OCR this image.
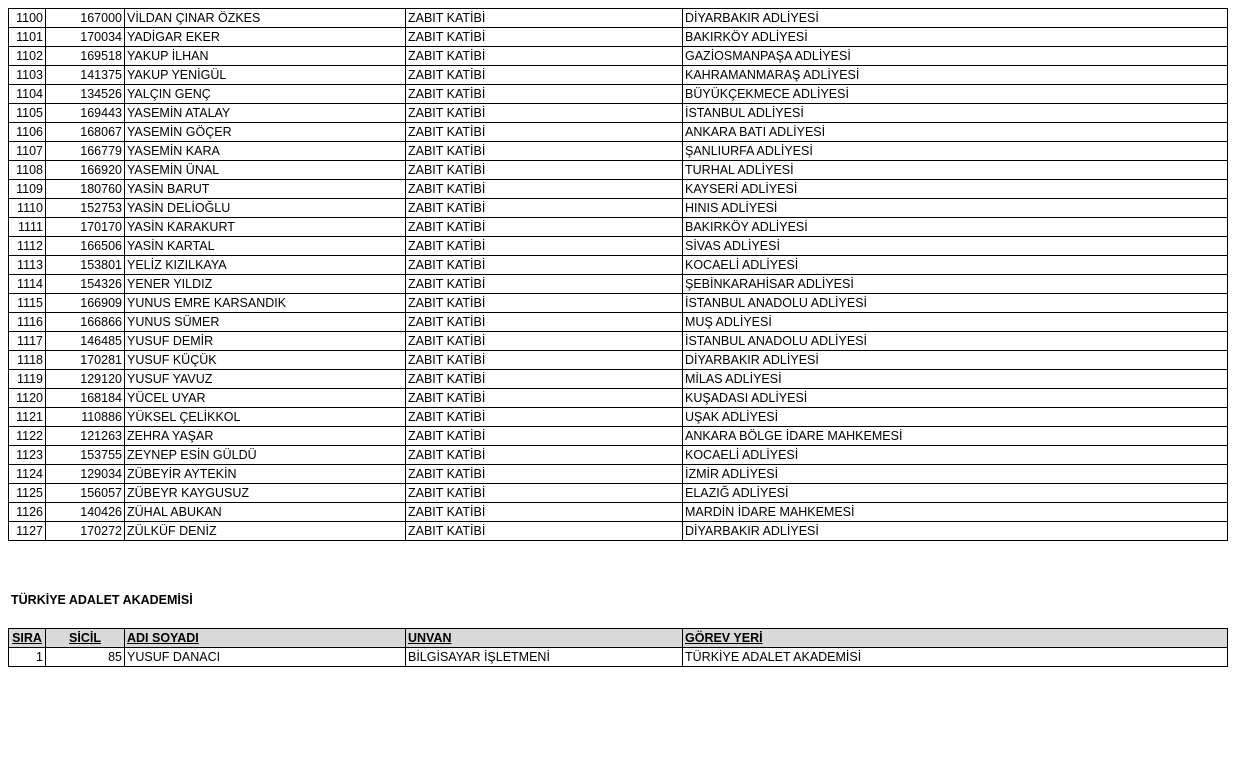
1100	167000	VİLDAN ÇINAR ÖZKES	ZABIT KATİBİ	DİYARBAKIR ADLİYESİ
1101	170034	YADİGAR EKER	ZABIT KATİBİ	BAKIRKÖY ADLİYESİ
1102	169518	YAKUP İLHAN	ZABIT KATİBİ	GAZİOSMANPAŞA ADLİYESİ
1103	141375	YAKUP YENİGÜL	ZABIT KATİBİ	KAHRAMANMARAŞ ADLİYESİ
1104	134526	YALÇIN GENÇ	ZABIT KATİBİ	BÜYÜKÇEKMECE ADLİYESİ
1105	169443	YASEMİN ATALAY	ZABIT KATİBİ	İSTANBUL ADLİYESİ
1106	168067	YASEMİN GÖÇER	ZABIT KATİBİ	ANKARA BATI ADLİYESİ
1107	166779	YASEMİN KARA	ZABIT KATİBİ	ŞANLIURFA ADLİYESİ
1108	166920	YASEMİN ÜNAL	ZABIT KATİBİ	TURHAL ADLİYESİ
1109	180760	YASİN BARUT	ZABIT KATİBİ	KAYSERİ ADLİYESİ
1110	152753	YASİN DELİOĞLU	ZABIT KATİBİ	HINIS ADLİYESİ
1111	170170	YASİN KARAKURT	ZABIT KATİBİ	BAKIRKÖY ADLİYESİ
1112	166506	YASİN KARTAL	ZABIT KATİBİ	SİVAS ADLİYESİ
1113	153801	YELİZ KIZILKAYA	ZABIT KATİBİ	KOCAELİ ADLİYESİ
1114	154326	YENER YILDIZ	ZABIT KATİBİ	ŞEBİNKARAHİSAR ADLİYESİ
1115	166909	YUNUS EMRE KARSANDIK	ZABIT KATİBİ	İSTANBUL ANADOLU ADLİYESİ
1116	166866	YUNUS SÜMER	ZABIT KATİBİ	MUŞ ADLİYESİ
1117	146485	YUSUF DEMİR	ZABIT KATİBİ	İSTANBUL ANADOLU ADLİYESİ
1118	170281	YUSUF KÜÇÜK	ZABIT KATİBİ	DİYARBAKIR ADLİYESİ
1119	129120	YUSUF YAVUZ	ZABIT KATİBİ	MİLAS ADLİYESİ
1120	168184	YÜCEL UYAR	ZABIT KATİBİ	KUŞADASI ADLİYESİ
1121	110886	YÜKSEL ÇELİKKOL	ZABIT KATİBİ	UŞAK ADLİYESİ
1122	121263	ZEHRA YAŞAR	ZABIT KATİBİ	ANKARA BÖLGE İDARE MAHKEMESİ
1123	153755	ZEYNEP ESİN GÜLDÜ	ZABIT KATİBİ	KOCAELİ ADLİYESİ
1124	129034	ZÜBEYİR AYTEKİN	ZABIT KATİBİ	İZMİR ADLİYESİ
1125	156057	ZÜBEYR KAYGUSUZ	ZABIT KATİBİ	ELAZIĞ ADLİYESİ
1126	140426	ZÜHAL ABUKAN	ZABIT KATİBİ	MARDİN İDARE MAHKEMESİ
1127	170272	ZÜLKÜF DENİZ	ZABIT KATİBİ	DİYARBAKIR ADLİYESİ
TÜRKİYE ADALET AKADEMİSİ
SIRA	SİCİL	ADI SOYADI	UNVAN	GÖREV YERİ
1	85	YUSUF DANACI	BİLGİSAYAR İŞLETMENİ	TÜRKİYE ADALET AKADEMİSİ
